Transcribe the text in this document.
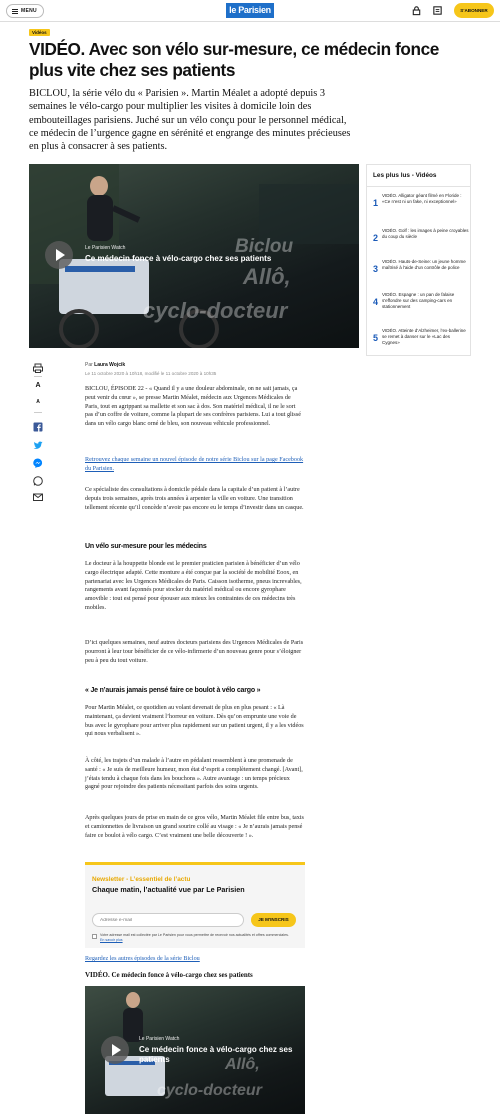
MENU	le Parisien	S'ABONNER
Vidéos
VIDÉO. Avec son vélo sur-mesure, ce médecin fonce plus vite chez ses patients

BICLOU, la série vélo du « Parisien ». Martin Méalet a adopté depuis 3 semaines le vélo-cargo pour multiplier les visites à domicile loin des embouteillages parisiens. Juché sur un vélo conçu pour le personnel médical, ce médecin de l’urgence gagne en sérénité et engrange des minutes précieuses en plus à consacrer à ses patients.

Biclou
Allô,
cyclo-docteur
Le Parisien Watch
Ce médecin fonce à vélo-cargo chez ses patients
Les plus lus - Vidéos
1
VIDÉO. Alligator géant filmé en Floride : «Ce n'est ni un fake, ni exceptionnel»
2
VIDÉO. Golf : les images à peine croyables du coup du siècle
3
VIDÉO. Hauts-de-Seine: un jeune homme maîtrisé à l'aide d'un contrôle de police
4
VIDÉO. Espagne : un pan de falaise s'effondre sur des camping-cars en stationnement
5
VIDÉO. Atteinte d’Alzheimer, l’ex-ballerine se remet à danser sur le «Lac des Cygnes»
A
A
Par Laura Wojcik
Le 11 octobre 2020 à 10h18, modifié le 11 octobre 2020 à 10h35

BICLOU, ÉPISODE 22 - « Quand il y a une douleur abdominale, on ne sait jamais, ça peut venir du cœur », se presse Martin Méalet, médecin aux Urgences Médicales de Paris, tout en agrippant sa mallette et son sac à dos. Son matériel médical, il ne le sort pas d’un coffre de voiture, comme la plupart de ses confrères parisiens. Lui a tout glissé dans un vélo cargo blanc orné de bleu, son nouveau véhicule professionnel.

Retrouvez chaque semaine un nouvel épisode de notre série Biclou sur la page Facebook du Parisien.

Ce spécialiste des consultations à domicile pédale dans la capitale d’un patient à l’autre depuis trois semaines, après trois années à arpenter la ville en voiture. Une transition tellement récente qu’il concède n’avoir pas encore eu le temps d’investir dans un casque.

Un vélo sur-mesure pour les médecins

Le docteur à la houppette blonde est le premier praticien parisien à bénéficier d’un vélo cargo électrique adapté. Cette monture a été conçue par la société de mobilité Eoox, en partenariat avec les Urgences Médicales de Paris. Caisson isotherme, pneus increvables, rangements avant façonnés pour stocker du matériel médical ou encore gyrophare amovible : tout est pensé pour épouser aux mieux les contraintes de ces médecins très mobiles.

D’ici quelques semaines, neuf autres docteurs parisiens des Urgences Médicales de Paris pourront à leur tour bénéficier de ce vélo-infirmerie d’un nouveau genre pour s’éloigner peu à peu du tout voiture.

« Je n’aurais jamais pensé faire ce boulot à vélo cargo »

Pour Martin Méalet, ce quotidien au volant devenait de plus en plus pesant : « Là maintenant, ça devient vraiment l’horreur en voiture. Dès qu’on emprunte une voie de bus avec le gyrophare pour arriver plus rapidement sur un patient urgent, il y a les vidéos qui nous verbalisent ».

À côté, les trajets d’un malade à l’autre en pédalant ressemblent à une promenade de santé : « Je suis de meilleure humeur, mon état d’esprit a complètement changé. [Avant], j’étais tendu à chaque fois dans les bouchons ». Autre avantage : un temps précieux gagné pour rejoindre des patients nécessitant parfois des soins urgents.

Après quelques jours de prise en main de ce gros vélo, Martin Méalet file entre bus, taxis et camionnettes de livraison un grand sourire collé au visage : « Je n’aurais jamais pensé faire ce boulot à vélo cargo. C’est vraiment une belle découverte ! ».

Newsletter - L’essentiel de l’actu
Chaque matin, l’actualité vue par Le Parisien
Adresse e-mail
JE M'INSCRIS
Votre adresse mail est collectée par Le Parisien pour vous permettre de recevoir nos actualités et offres commerciales. En savoir plus
Regardez les autres épisodes de la série Biclou
VIDÉO. Ce médecin fonce à vélo-cargo chez ses patients
Allô,
cyclo-docteur
Le Parisien Watch
Ce médecin fonce à vélo-cargo chez ses patients
